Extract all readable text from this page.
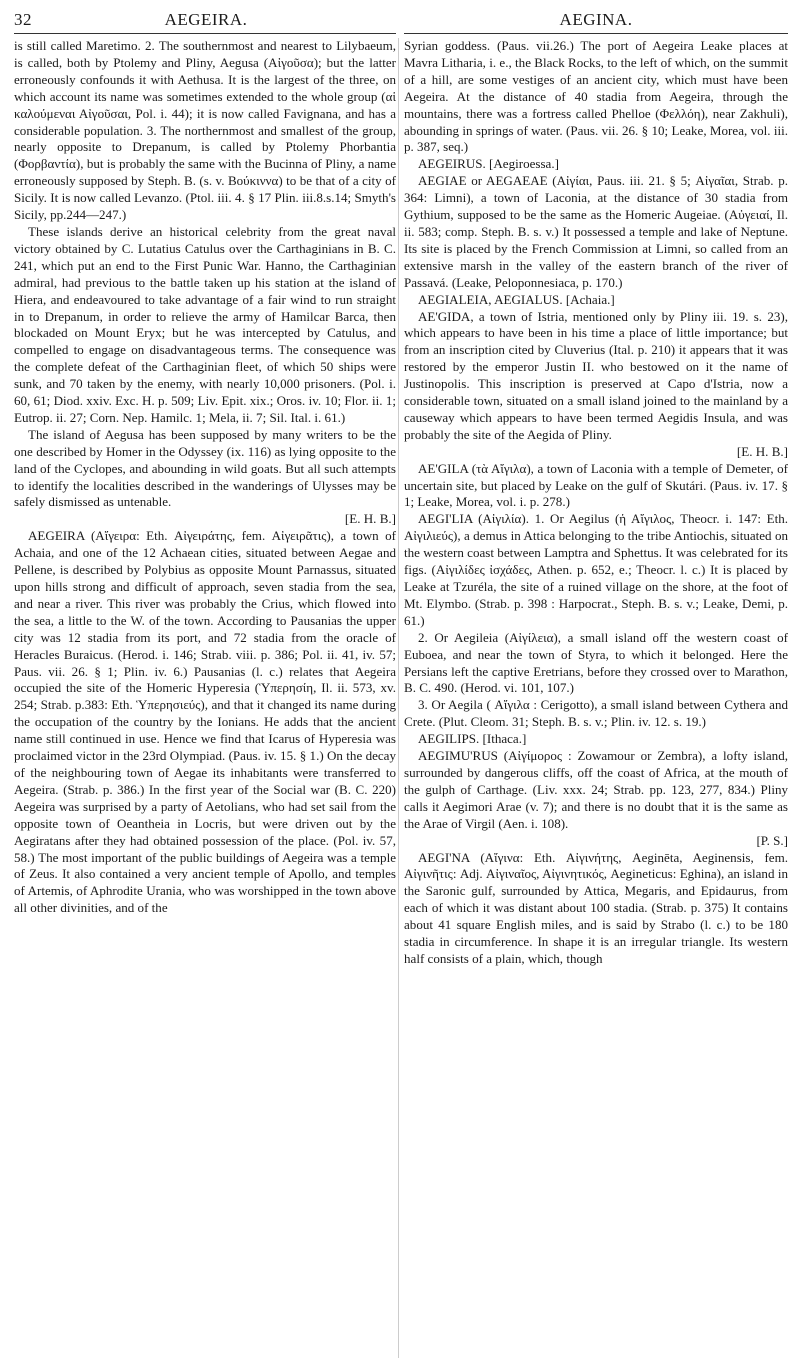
32	AEGEIRA.	AEGINA.

is still called Maretimo. 2. The southernmost and nearest to Lilybaeum, is called, both by Ptolemy and Pliny, Aegusa (Αἰγοῦσα); but the latter erroneously confounds it with Aethusa. It is the largest of the three, on which account its name was sometimes extended to the whole group (αἱ καλούμεναι Αἰγοῦσαι, Pol. i. 44); it is now called Favignana, and has a considerable population. 3. The northernmost and smallest of the group, nearly opposite to Drepanum, is called by Ptolemy Phorbantia (Φορβαντία), but is probably the same with the Bucinna of Pliny, a name erroneously supposed by Steph. B. (s. v. Βούκιννα) to be that of a city of Sicily. It is now called Levanzo. (Ptol. iii. 4. § 17 Plin. iii.8.s.14; Smyth's Sicily, pp.244—247.)

These islands derive an historical celebrity from the great naval victory obtained by C. Lutatius Catulus over the Carthaginians in B. C. 241, which put an end to the First Punic War. Hanno, the Carthaginian admiral, had previous to the battle taken up his station at the island of Hiera, and endeavoured to take advantage of a fair wind to run straight in to Drepanum, in order to relieve the army of Hamilcar Barca, then blockaded on Mount Eryx; but he was intercepted by Catulus, and compelled to engage on disadvantageous terms. The consequence was the complete defeat of the Carthaginian fleet, of which 50 ships were sunk, and 70 taken by the enemy, with nearly 10,000 prisoners. (Pol. i. 60, 61; Diod. xxiv. Exc. H. p. 509; Liv. Epit. xix.; Oros. iv. 10; Flor. ii. 1; Eutrop. ii. 27; Corn. Nep. Hamilc. 1; Mela, ii. 7; Sil. Ital. i. 61.)

The island of Aegusa has been supposed by many writers to be the one described by Homer in the Odyssey (ix. 116) as lying opposite to the land of the Cyclopes, and abounding in wild goats. But all such attempts to identify the localities described in the wanderings of Ulysses may be safely dismissed as untenable.

[E. H. B.]

AEGEIRA (Αἴγειρα: Eth. Αἰγειράτης, fem. Αἰγειρᾶτις), a town of Achaia, and one of the 12 Achaean cities, situated between Aegae and Pellene, is described by Polybius as opposite Mount Parnassus, situated upon hills strong and difficult of approach, seven stadia from the sea, and near a river. This river was probably the Crius, which flowed into the sea, a little to the W. of the town. According to Pausanias the upper city was 12 stadia from its port, and 72 stadia from the oracle of Heracles Buraicus. (Herod. i. 146; Strab. viii. p. 386; Pol. ii. 41, iv. 57; Paus. vii. 26. § 1; Plin. iv. 6.) Pausanias (l. c.) relates that Aegeira occupied the site of the Homeric Hyperesia (Ὑπερησίη, Il. ii. 573, xv. 254; Strab. p.383: Eth. Ὑπερησιεύς), and that it changed its name during the occupation of the country by the Ionians. He adds that the ancient name still continued in use. Hence we find that Icarus of Hyperesia was proclaimed victor in the 23rd Olympiad. (Paus. iv. 15. § 1.) On the decay of the neighbouring town of Aegae its inhabitants were transferred to Aegeira. (Strab. p. 386.) In the first year of the Social war (B. C. 220) Aegeira was surprised by a party of Aetolians, who had set sail from the opposite town of Oeantheia in Locris, but were driven out by the Aegiratans after they had obtained possession of the place. (Pol. iv. 57, 58.) The most important of the public buildings of Aegeira was a temple of Zeus. It also contained a very ancient temple of Apollo, and temples of Artemis, of Aphrodite Urania, who was worshipped in the town above all other divinities, and of the

Syrian goddess. (Paus. vii.26.) The port of Aegeira Leake places at Mavra Litharia, i. e., the Black Rocks, to the left of which, on the summit of a hill, are some vestiges of an ancient city, which must have been Aegeira. At the distance of 40 stadia from Aegeira, through the mountains, there was a fortress called Phelloe (Φελλόη), near Zakhuli), abounding in springs of water. (Paus. vii. 26. § 10; Leake, Morea, vol. iii. p. 387, seq.)

AEGEIRUS. [Aegiroessa.]

AEGIAE or AEGAEAE (Αἰγίαι, Paus. iii. 21. § 5; Αἰγαῖαι, Strab. p. 364: Limni), a town of Laconia, at the distance of 30 stadia from Gythium, supposed to be the same as the Homeric Augeiae. (Αὐγειαί, Il. ii. 583; comp. Steph. B. s. v.) It possessed a temple and lake of Neptune. Its site is placed by the French Commission at Limni, so called from an extensive marsh in the valley of the eastern branch of the river of Passavá. (Leake, Peloponnesiaca, p. 170.)

AEGIALEIA, AEGIALUS. [Achaia.]

AE'GIDA, a town of Istria, mentioned only by Pliny iii. 19. s. 23), which appears to have been in his time a place of little importance; but from an inscription cited by Cluverius (Ital. p. 210) it appears that it was restored by the emperor Justin II. who bestowed on it the name of Justinopolis. This inscription is preserved at Capo d'Istria, now a considerable town, situated on a small island joined to the mainland by a causeway which appears to have been termed Aegidis Insula, and was probably the site of the Aegida of Pliny.

[E. H. B.]

AE'GILA (τὰ Αἴγιλα), a town of Laconia with a temple of Demeter, of uncertain site, but placed by Leake on the gulf of Skutári. (Paus. iv. 17. § 1; Leake, Morea, vol. i. p. 278.)

AEGI'LIA (Αἰγιλία). 1. Or Aegilus (ἡ Αἴγιλος, Theocr. i. 147: Eth. Αἰγιλιεύς), a demus in Attica belonging to the tribe Antiochis, situated on the western coast between Lamptra and Sphettus. It was celebrated for its figs. (Αἰγιλίδες ἰσχάδες, Athen. p. 652, e.; Theocr. l. c.) It is placed by Leake at Tzuréla, the site of a ruined village on the shore, at the foot of Mt. Elymbo. (Strab. p. 398 : Harpocrat., Steph. B. s. v.; Leake, Demi, p. 61.)

2. Or Aegileia (Αἰγίλεια), a small island off the western coast of Euboea, and near the town of Styra, to which it belonged. Here the Persians left the captive Eretrians, before they crossed over to Marathon, B. C. 490. (Herod. vi. 101, 107.)

3. Or Aegila ( Αἴγιλα : Cerigotto), a small island between Cythera and Crete. (Plut. Cleom. 31; Steph. B. s. v.; Plin. iv. 12. s. 19.)

AEGILIPS. [Ithaca.]

AEGIMU'RUS (Αἰγίμορος : Zowamour or Zembra), a lofty island, surrounded by dangerous cliffs, off the coast of Africa, at the mouth of the gulph of Carthage. (Liv. xxx. 24; Strab. pp. 123, 277, 834.) Pliny calls it Aegimori Arae (v. 7); and there is no doubt that it is the same as the Arae of Virgil (Aen. i. 108).

[P. S.]

AEGI'NA (Αἴγινα: Eth. Αἰγινήτης, Aeginēta, Aeginensis, fem. Αἰγινῆτις: Adj. Αἰγιναῖος, Αἰγινητικός, Aegineticus: Eghina), an island in the Saronic gulf, surrounded by Attica, Megaris, and Epidaurus, from each of which it was distant about 100 stadia. (Strab. p. 375) It contains about 41 square English miles, and is said by Strabo (l. c.) to be 180 stadia in circumference. In shape it is an irregular triangle. Its western half consists of a plain, which, though
